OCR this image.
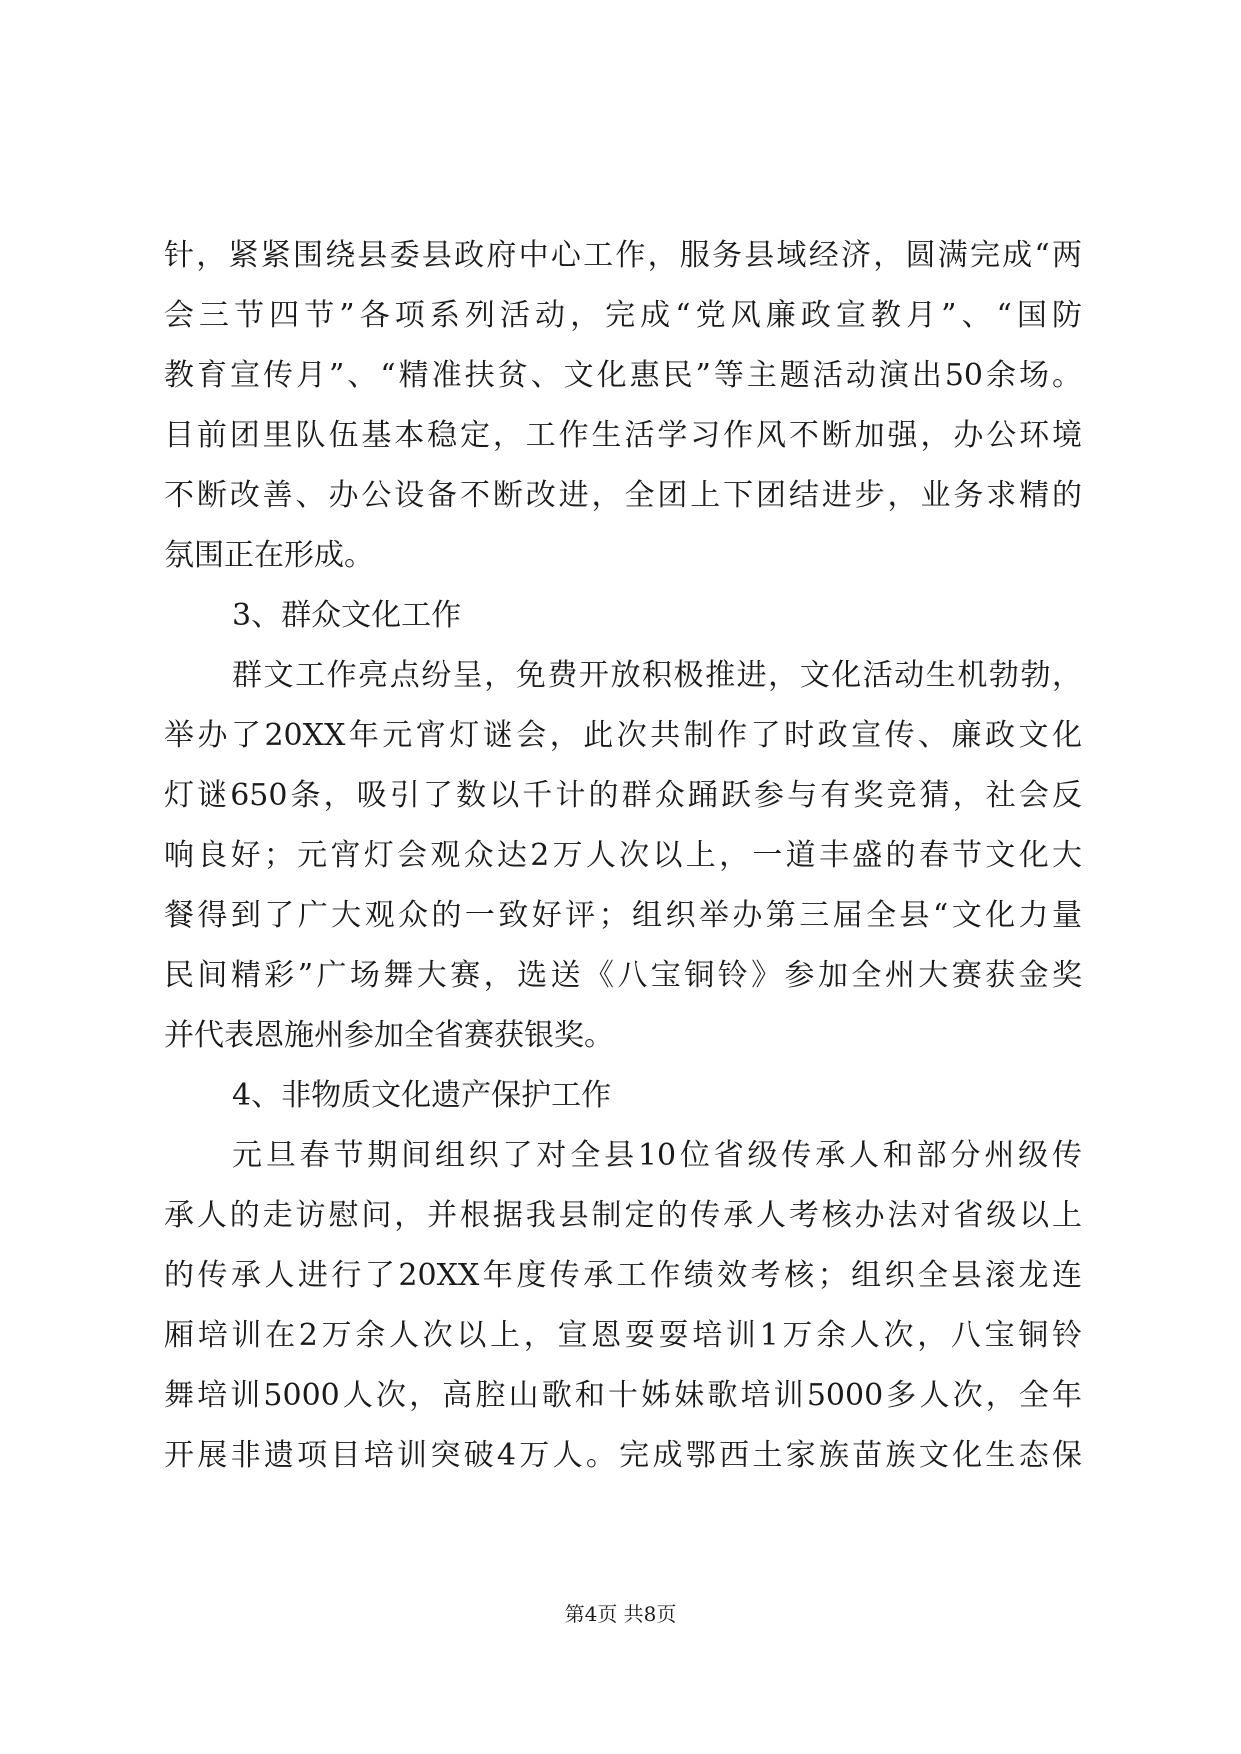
针，紧紧围绕县委县政府中心工作，服务县域经济，圆满完成“两
会三节四节”各项系列活动，完成“党风廉政宣教月”、“国防
教育宣传月”、“精准扶贫、文化惠民”等主题活动演出50余场。
目前团里队伍基本稳定，工作生活学习作风不断加强，办公环境
不断改善、办公设备不断改进，全团上下团结进步，业务求精的
氛围正在形成。
3、群众文化工作
群文工作亮点纷呈，免费开放积极推进，文化活动生机勃勃，
举办了20XX年元宵灯谜会，此次共制作了时政宣传、廉政文化
灯谜650条，吸引了数以千计的群众踊跃参与有奖竞猜，社会反
响良好；元宵灯会观众达2万人次以上，一道丰盛的春节文化大
餐得到了广大观众的一致好评；组织举办第三届全县“文化力量
民间精彩”广场舞大赛，选送《八宝铜铃》参加全州大赛获金奖
并代表恩施州参加全省赛获银奖。
4、非物质文化遗产保护工作
元旦春节期间组织了对全县10位省级传承人和部分州级传
承人的走访慰问，并根据我县制定的传承人考核办法对省级以上
的传承人进行了20XX年度传承工作绩效考核；组织全县滚龙连
厢培训在2万余人次以上，宣恩耍耍培训1万余人次，八宝铜铃
舞培训5000人次，高腔山歌和十姊妹歌培训5000多人次，全年
开展非遗项目培训突破4万人。完成鄂西土家族苗族文化生态保
第4页 共8页
